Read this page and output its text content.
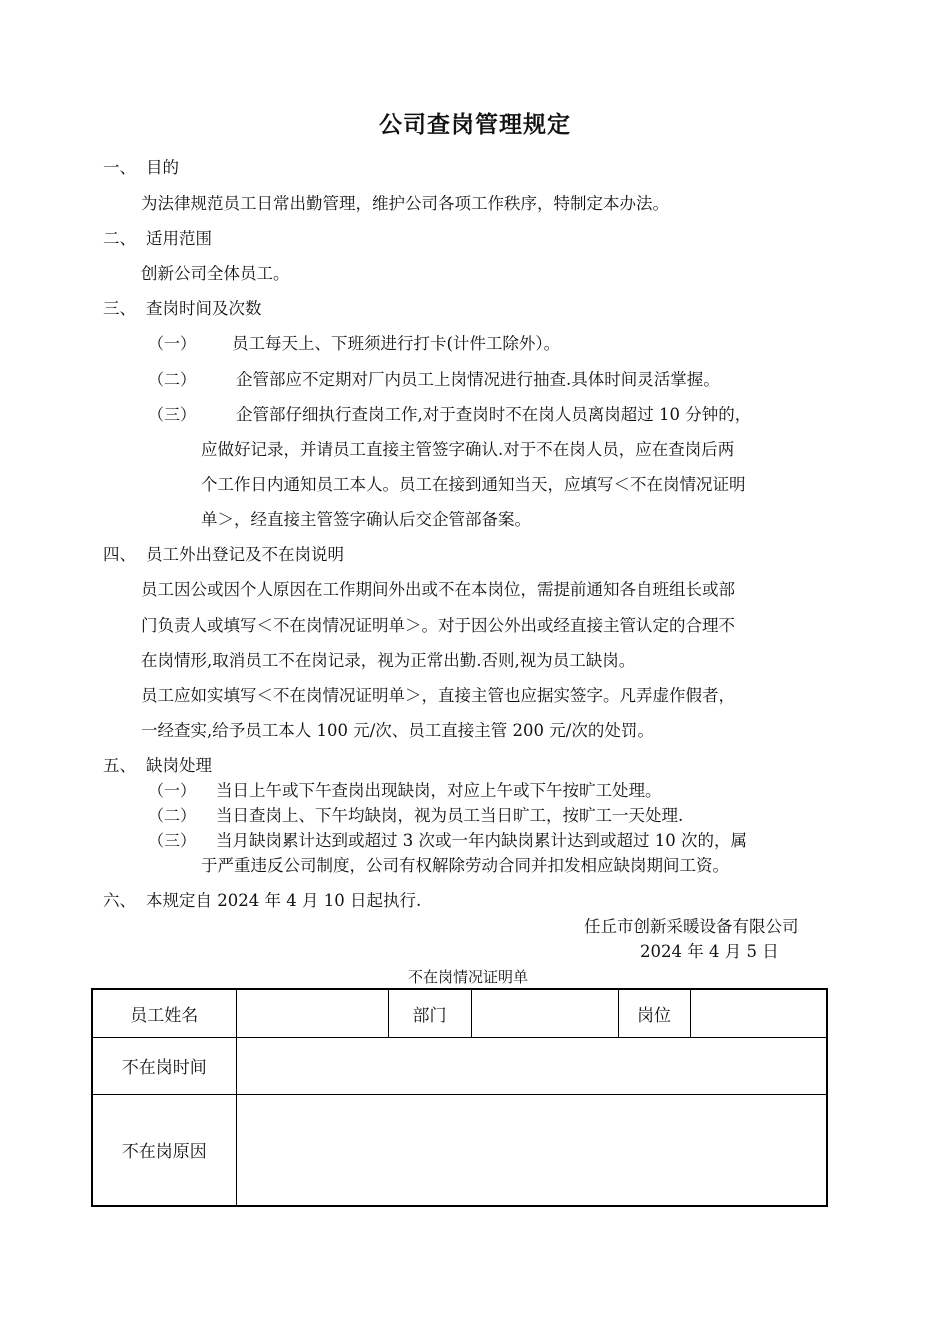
公司查岗管理规定
一、 目的
为法律规范员工日常出勤管理，维护公司各项工作秩序，特制定本办法。
二、 适用范围
创新公司全体员工。
三、 查岗时间及次数
（一） 员工每天上、下班须进行打卡(计件工除外）。
（二） 企管部应不定期对厂内员工上岗情况进行抽查.具体时间灵活掌握。
（三） 企管部仔细执行查岗工作,对于查岗时不在岗人员离岗超过 10 分钟的，
应做好记录，并请员工直接主管签字确认.对于不在岗人员，应在查岗后两
个工作日内通知员工本人。员工在接到通知当天，应填写＜不在岗情况证明
单＞，经直接主管签字确认后交企管部备案。
四、 员工外出登记及不在岗说明
员工因公或因个人原因在工作期间外出或不在本岗位，需提前通知各自班组长或部
门负责人或填写＜不在岗情况证明单＞。对于因公外出或经直接主管认定的合理不
在岗情形,取消员工不在岗记录，视为正常出勤.否则,视为员工缺岗。
员工应如实填写＜不在岗情况证明单＞，直接主管也应据实签字。凡弄虚作假者，
一经查实,给予员工本人 100 元/次、员工直接主管 200 元/次的处罚。
五、 缺岗处理
（一） 当日上午或下午查岗出现缺岗，对应上午或下午按旷工处理。
（二） 当日查岗上、下午均缺岗，视为员工当日旷工，按旷工一天处理.
（三） 当月缺岗累计达到或超过 3 次或一年内缺岗累计达到或超过 10 次的，属
于严重违反公司制度，公司有权解除劳动合同并扣发相应缺岗期间工资。
六、 本规定自 2024 年 4 月 10 日起执行.
任丘市创新采暖设备有限公司
2024 年 4 月 5 日
不在岗情况证明单
员工姓名		部门		岗位	
不在岗时间					
不在岗原因					
